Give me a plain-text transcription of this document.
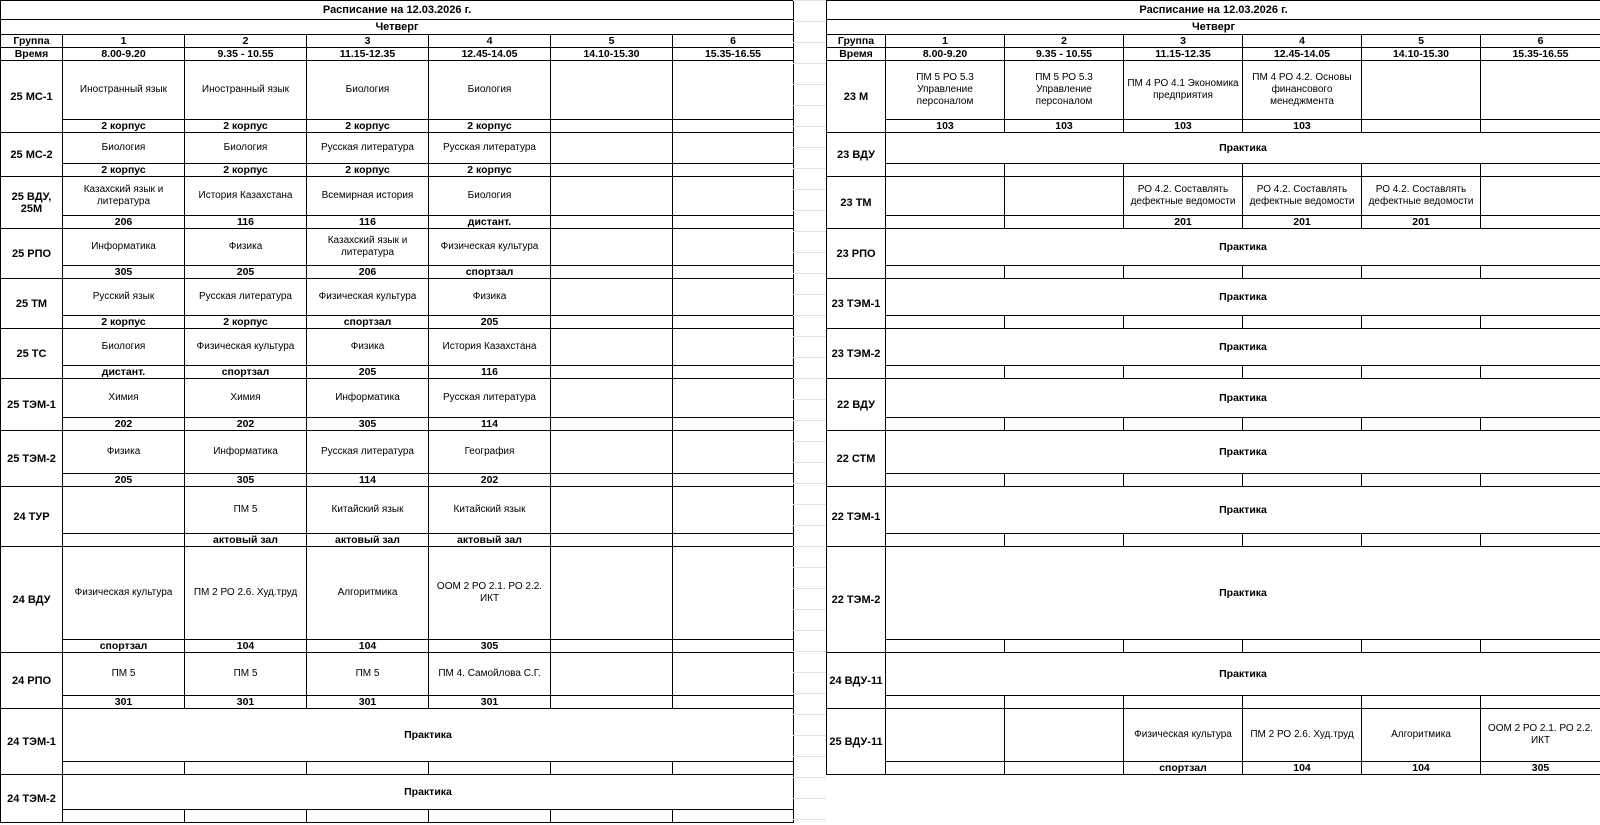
Расписание на 12.03.2026 г.						
Четверг						
Группа	1	2	3	4	5	6
Время	8.00-9.20	9.35 - 10.55	11.15-12.35	12.45-14.05	14.10-15.30	15.35-16.55
25 МС-1	Иностранный язык	Иностранный язык	Биология	Биология		
	2 корпус	2 корпус	2 корпус	2 корпус		
25 МС-2	Биология	Биология	Русская литература	Русская литература		
	2 корпус	2 корпус	2 корпус	2 корпус		
25 ВДУ, 25М	Казахский язык и литература	История Казахстана	Всемирная история	Биология		
	206	116	116	дистант.		
25 РПО	Информатика	Физика	Казахский язык и литература	Физическая культура		
	305	205	206	спортзал		
25 ТМ	Русский язык	Русская литература	Физическая культура	Физика		
	2 корпус	2 корпус	спортзал	205		
25 ТС	Биология	Физическая культура	Физика	История Казахстана		
	дистант.	спортзал	205	116		
25 ТЭМ-1	Химия	Химия	Информатика	Русская литература		
	202	202	305	114		
25 ТЭМ-2	Физика	Информатика	Русская литература	География		
	205	305	114	202		
24 ТУР		ПМ 5	Китайский язык	Китайский язык		
		актовый зал	актовый зал	актовый зал		
24 ВДУ	Физическая культура	ПМ 2 РО 2.6. Худ.труд	Алгоритмика	ООМ 2 РО 2.1. РО 2.2. ИКТ		
	спортзал	104	104	305		
24 РПО	ПМ 5	ПМ 5	ПМ 5	ПМ 4. Самойлова С.Г.		
	301	301	301	301		
24 ТЭМ-1	Практика					

24 ТЭМ-2	Практика					

Расписание на 12.03.2026 г.						
Четверг						
Группа	1	2	3	4	5	6
Время	8.00-9.20	9.35 - 10.55	11.15-12.35	12.45-14.05	14.10-15.30	15.35-16.55
23 М	ПМ 5 РО 5.3 Управление персоналом	ПМ 5 РО 5.3 Управление персоналом	ПМ 4 РО 4.1 Экономика предприятия	ПМ 4 РО 4.2. Основы финансового менеджмента		
	103	103	103	103		
23 ВДУ	Практика					

23 ТМ			РО 4.2. Составлять дефектные ведомости	РО 4.2. Составлять дефектные ведомости	РО 4.2. Составлять дефектные ведомости	
			201	201	201	
23 РПО	Практика					

23 ТЭМ-1	Практика					

23 ТЭМ-2	Практика					

22 ВДУ	Практика					

22 СТМ	Практика					

22 ТЭМ-1	Практика					

22 ТЭМ-2	Практика					

24 ВДУ-11	Практика					

25 ВДУ-11			Физическая культура	ПМ 2 РО 2.6. Худ.труд	Алгоритмика	ООМ 2 РО 2.1. РО 2.2. ИКТ
			спортзал	104	104	305
